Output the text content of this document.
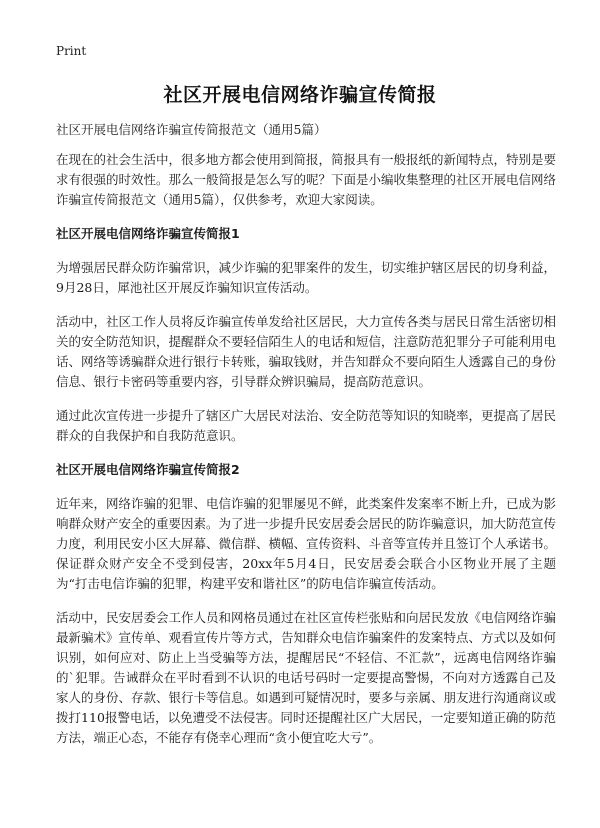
Print
社区开展电信网络诈骗宣传简报
社区开展电信网络诈骗宣传简报范文（通用5篇）

在现在的社会生活中，很多地方都会使用到简报，简报具有一般报纸的新闻特点，特别是要求有很强的时效性。那么一般简报是怎么写的呢？下面是小编收集整理的社区开展电信网络诈骗宣传简报范文（通用5篇），仅供参考，欢迎大家阅读。

社区开展电信网络诈骗宣传简报1

为增强居民群众防诈骗常识，减少诈骗的犯罪案件的发生，切实维护辖区居民的切身利益，9月28日，犀池社区开展反诈骗知识宣传活动。

活动中，社区工作人员将反诈骗宣传单发给社区居民，大力宣传各类与居民日常生活密切相关的安全防范知识，提醒群众不要轻信陌生人的电话和短信，注意防范犯罪分子可能利用电话、网络等诱骗群众进行银行卡转账，骗取钱财，并告知群众不要向陌生人透露自己的身份信息、银行卡密码等重要内容，引导群众辨识骗局，提高防范意识。

通过此次宣传进一步提升了辖区广大居民对法治、安全防范等知识的知晓率，更提高了居民群众的自我保护和自我防范意识。

社区开展电信网络诈骗宣传简报2

近年来，网络诈骗的犯罪、电信诈骗的犯罪屡见不鲜，此类案件发案率不断上升，已成为影响群众财产安全的重要因素。为了进一步提升民安居委会居民的防诈骗意识，加大防范宣传力度，利用民安小区大屏幕、微信群、横幅、宣传资料、斗音等宣传并且签订个人承诺书。保证群众财产安全不受到侵害，20xx年5月4日，民安居委会联合小区物业开展了主题为“打击电信诈骗的犯罪，构建平安和谐社区”的防电信诈骗宣传活动。

活动中，民安居委会工作人员和网格员通过在社区宣传栏张贴和向居民发放《电信网络诈骗最新骗术》宣传单、观看宣传片等方式，告知群众电信诈骗案件的发案特点、方式以及如何识别，如何应对、防止上当受骗等方法，提醒居民“不轻信、不汇款”，远离电信网络诈骗的`犯罪。告诫群众在平时看到不认识的电话号码时一定要提高警惕，不向对方透露自己及家人的身份、存款、银行卡等信息。如遇到可疑情况时，要多与亲属、朋友进行沟通商议或拨打110报警电话，以免遭受不法侵害。同时还提醒社区广大居民，一定要知道正确的防范方法，端正心态，不能存有侥幸心理而“贪小便宜吃大亏”。
